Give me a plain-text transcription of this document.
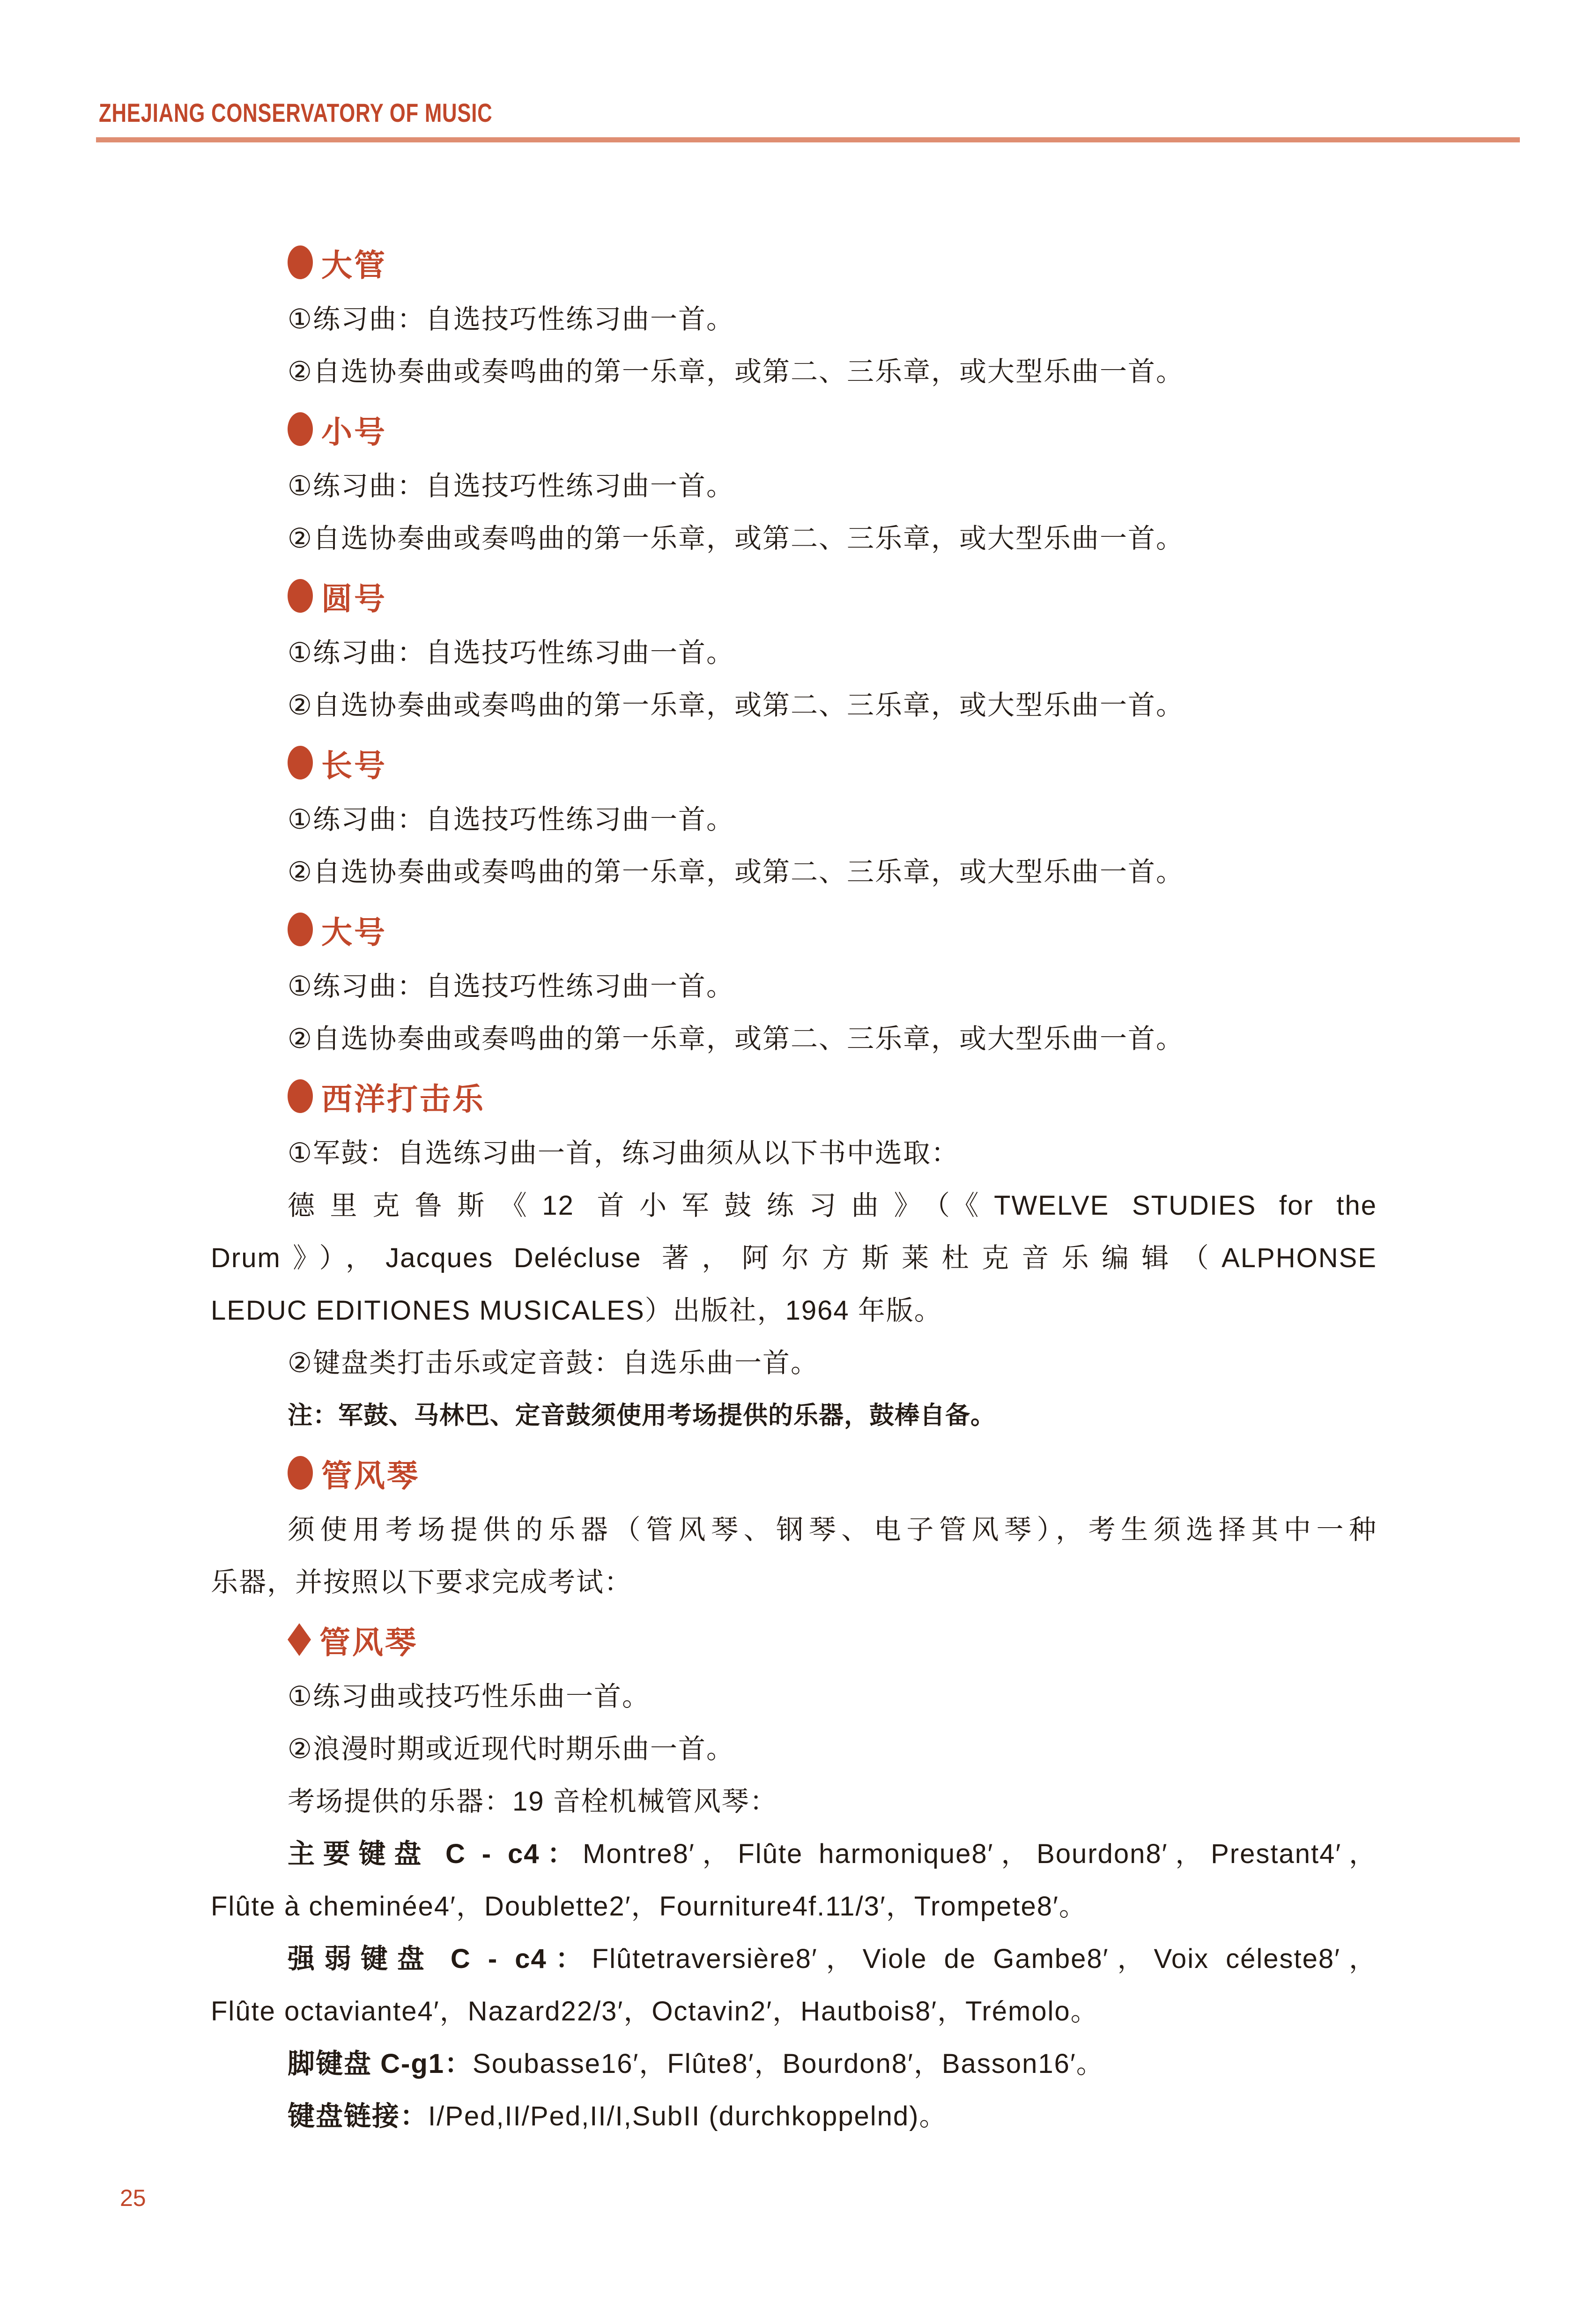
ZHEJIANG CONSERVATORY OF MUSIC
大管
①练习曲：自选技巧性练习曲一首。
②自选协奏曲或奏鸣曲的第一乐章，或第二、三乐章，或大型乐曲一首。
小号
①练习曲：自选技巧性练习曲一首。
②自选协奏曲或奏鸣曲的第一乐章，或第二、三乐章，或大型乐曲一首。
圆号
①练习曲：自选技巧性练习曲一首。
②自选协奏曲或奏鸣曲的第一乐章，或第二、三乐章，或大型乐曲一首。
长号
①练习曲：自选技巧性练习曲一首。
②自选协奏曲或奏鸣曲的第一乐章，或第二、三乐章，或大型乐曲一首。
大号
①练习曲：自选技巧性练习曲一首。
②自选协奏曲或奏鸣曲的第一乐章，或第二、三乐章，或大型乐曲一首。
西洋打击乐
①军鼓：自选练习曲一首，练习曲须从以下书中选取：
德里克鲁斯《12 首小军鼓练习曲》（《TWELVE STUDIES for the
Drum》），Jacques Delécluse 著，阿尔方斯莱杜克音乐编辑（ALPHONSE
LEDUC EDITIONES MUSICALES）出版社，1964 年版。
②键盘类打击乐或定音鼓：自选乐曲一首。
注：军鼓、马林巴、定音鼓须使用考场提供的乐器，鼓棒自备。
管风琴
须使用考场提供的乐器（管风琴、钢琴、电子管风琴），考生须选择其中一种
乐器，并按照以下要求完成考试：
管风琴
①练习曲或技巧性乐曲一首。
②浪漫时期或近现代时期乐曲一首。
考场提供的乐器：19 音栓机械管风琴：
主要键盘 C - c4：Montre8′，Flûte harmonique8′，Bourdon8′，Prestant4′，
Flûte à cheminée4′，Doublette2′，Fourniture4f.11/3′，Trompete8′。
强弱键盘 C - c4：Flûtetraversière8′，Viole de Gambe8′，Voix céleste8′，
Flûte octaviante4′，Nazard22/3′，Octavin2′，Hautbois8′，Trémolo。
脚键盘 C-g1：Soubasse16′，Flûte8′，Bourdon8′，Basson16′。
键盘链接：I/Ped,II/Ped,II/I,SubII (durchkoppelnd)。
25
